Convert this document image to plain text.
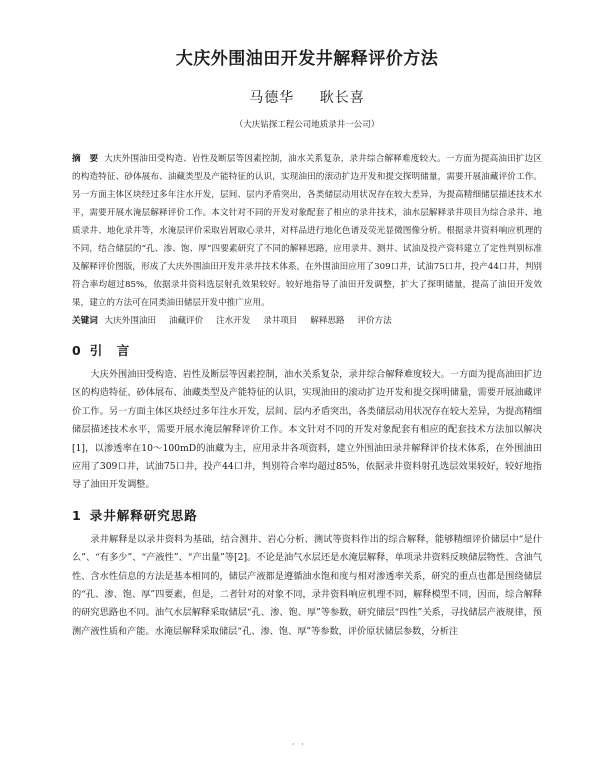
大庆外围油田开发井解释评价方法
马德华 耿长喜
（大庆钻探工程公司地质录井一公司）
摘　要 大庆外围油田受构造、岩性及断层等因素控制，油水关系复杂，录井综合解释难度较大。一方面为提高油田扩边区的构造特征、砂体展布、油藏类型及产能特征的认识，实现油田的滚动扩边开发和提交探明储量，需要开展油藏评价工作。另一方面主体区块经过多年注水开发，层间、层内矛盾突出，各类储层动用状况存在较大差异，为提高精细储层描述技术水平，需要开展水淹层解释评价工作。本文针对不同的开发对象配套了相应的录井技术，油水层解释录井项目为综合录井、地质录井、地化录井等，水淹层评价采取岩屑取心录井，对样品进行地化色谱及荧光显微图像分析。根据录井资料响应机理的不同，结合储层的“孔、渗、饱、厚”四要素研究了不同的解释思路，应用录井、测井、试油及投产资料建立了定性判别标准及解释评价图版，形成了大庆外围油田开发井录井技术体系，在外围油田应用了309口井，试油75口井，投产44口井，判别符合率均超过85%，依据录井资料选层射孔效果较好。较好地指导了油田开发调整，扩大了探明储量，提高了油田开发效果，建立的方法可在同类油田储层开发中推广应用。
关键词 大庆外围油田 油藏评价 注水开发 录井项目 解释思路 评价方法
0 引　言

大庆外围油田受构造、岩性及断层等因素控制，油水关系复杂，录井综合解释难度较大。一方面为提高油田扩边区的构造特征、砂体展布、油藏类型及产能特征的认识，实现油田的滚动扩边开发和提交探明储量，需要开展油藏评价工作。另一方面主体区块经过多年注水开发，层间、层内矛盾突出，各类储层动用状况存在较大差异，为提高精细储层描述技术水平，需要开展水淹层解释评价工作。本文针对不同的开发对象配套有相应的配套技术方法加以解决[1]，以渗透率在10～100mD的油藏为主，应用录井各项资料，建立外围油田录井解释评价技术体系，在外围油田应用了309口井，试油75口井，投产44口井，判别符合率均超过85%，依据录井资料射孔选层效果较好，较好地指导了油田开发调整。

1 录井解释研究思路

录井解释是以录井资料为基础，结合测井、岩心分析、测试等资料作出的综合解释，能够精细评价储层中“是什么”、“有多少”、“产液性”、“产出量”等[2]。不论是油气水层还是水淹层解释，单项录井资料反映储层物性、含油气性、含水性信息的方法是基本相同的，储层产液都是遵循油水饱和度与相对渗透率关系，研究的重点也都是围绕储层的“孔、渗、饱、厚”四要素，但是，二者针对的对象不同，录井资料响应机理不同，解释模型不同，因而，综合解释的研究思路也不同。油气水层解释采取储层“孔、渗、饱、厚”等参数，研究储层“四性”关系，寻找储层产液规律，预测产液性质和产能。水淹层解释采取储层“孔、渗、饱、厚”等参数，评价原状储层参数，分析注

· ·
